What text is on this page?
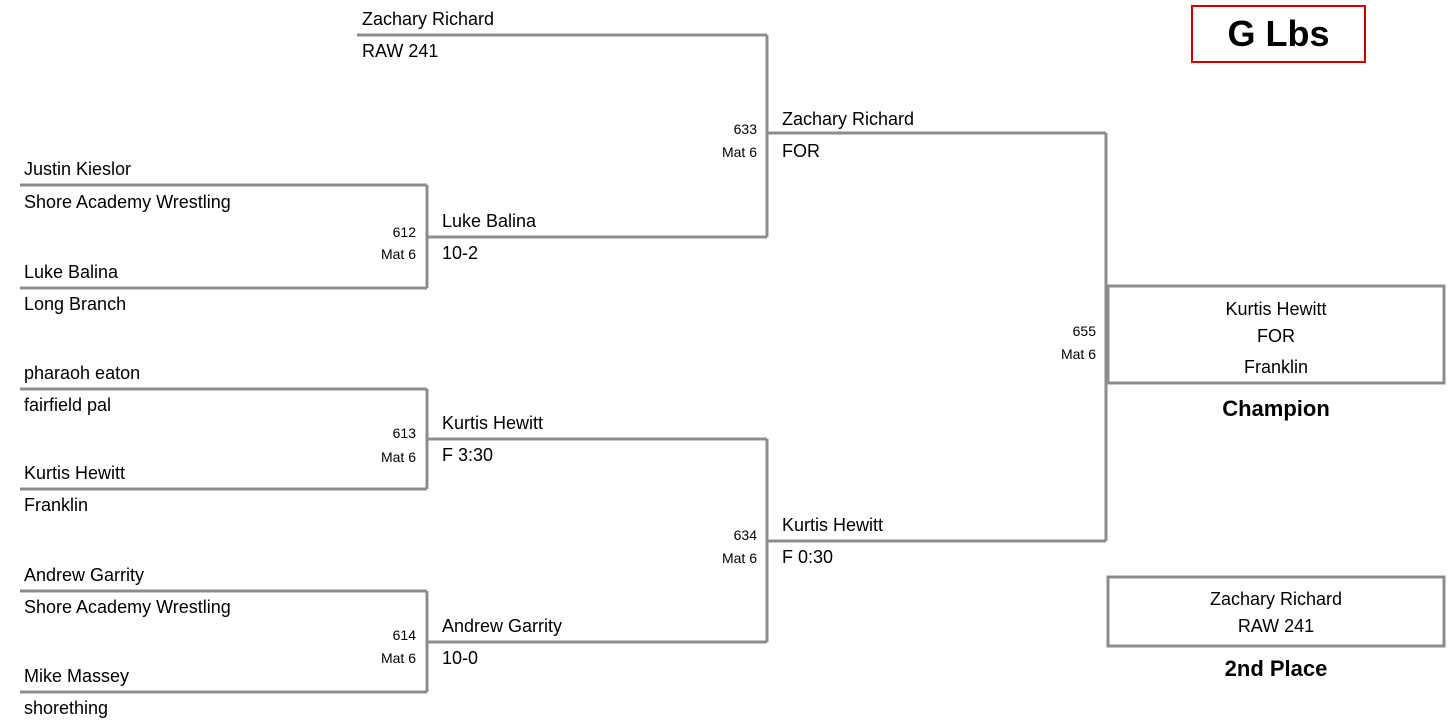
G Lbs
Zachary Richard
RAW 241
Justin Kieslor
Shore Academy Wrestling
Luke Balina
Long Branch
612
Mat 6
pharaoh eaton
fairfield pal
Kurtis Hewitt
Franklin
613
Mat 6
Andrew Garrity
Shore Academy Wrestling
Mike Massey
shorething
614
Mat 6
Luke Balina
10-2
Kurtis Hewitt
F 3:30
Andrew Garrity
10-0
633
Mat 6
634
Mat 6
Zachary Richard
FOR
Kurtis Hewitt
F 0:30
655
Mat 6
Kurtis Hewitt
FOR
Franklin
Champion
Zachary Richard
RAW 241
2nd Place
